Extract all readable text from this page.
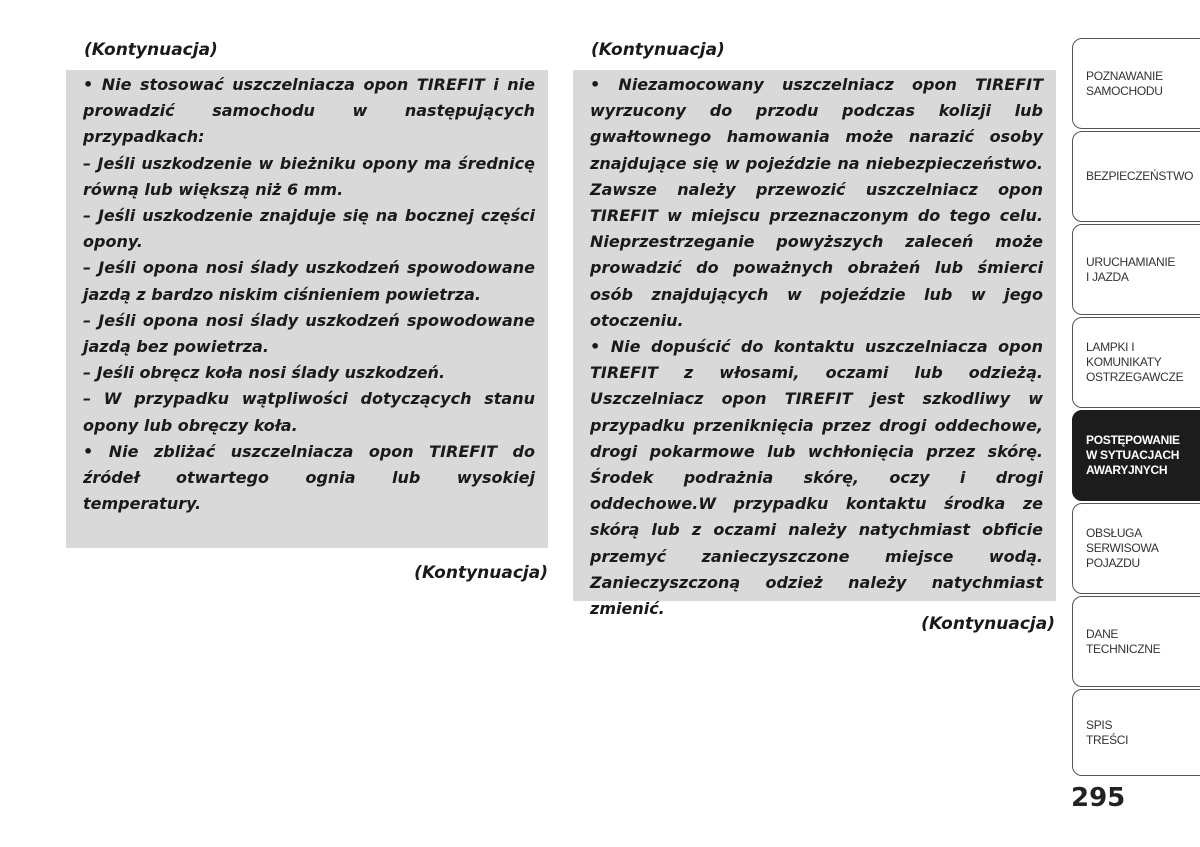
(Kontynuacja)

• Nie stosować uszczelniacza opon TIREFIT i nie prowadzić samochodu w następujących przypadkach:

– Jeśli uszkodzenie w bieżniku opony ma średnicę równą lub większą niż 6 mm.

– Jeśli uszkodzenie znajduje się na bocznej części opony.

– Jeśli opona nosi ślady uszkodzeń spowodowane jazdą z bardzo niskim ciśnieniem powietrza.

– Jeśli opona nosi ślady uszkodzeń spowodowane jazdą bez powietrza.

– Jeśli obręcz koła nosi ślady uszkodzeń.

– W przypadku wątpliwości dotyczących stanu opony lub obręczy koła.

• Nie zbliżać uszczelniacza opon TIREFIT do źródeł otwartego ognia lub wysokiej temperatury.

(Kontynuacja)
(Kontynuacja)

• Niezamocowany uszczelniacz opon TIREFIT wyrzucony do przodu podczas kolizji lub gwałtownego hamowania może narazić osoby znajdujące się w pojeździe na niebezpieczeństwo. Zawsze należy przewozić uszczelniacz opon TIREFIT w miejscu przeznaczonym do tego celu. Nieprzestrzeganie powyższych zaleceń może prowadzić do poważnych obrażeń lub śmierci osób znajdujących w pojeździe lub w jego otoczeniu.

• Nie dopuścić do kontaktu uszczelniacza opon TIREFIT z włosami, oczami lub odzieżą. Uszczelniacz opon TIREFIT jest szkodliwy w przypadku przeniknięcia przez drogi oddechowe, drogi pokarmowe lub wchłonięcia przez skórę. Środek podrażnia skórę, oczy i drogi oddechowe.W przypadku kontaktu środka ze skórą lub z oczami należy natychmiast obficie przemyć zanieczyszczone miejsce wodą. Zanieczyszczoną odzież należy natychmiast zmienić.

(Kontynuacja)
POZNAWANIE
SAMOCHODU
BEZPIECZEŃSTWO
URUCHAMIANIE
I JAZDA
LAMPKI I
KOMUNIKATY
OSTRZEGAWCZE
POSTĘPOWANIE
W SYTUACJACH
AWARYJNYCH
OBSŁUGA
SERWISOWA
POJAZDU
DANE
TECHNICZNE
SPIS
TREŚCI
295
